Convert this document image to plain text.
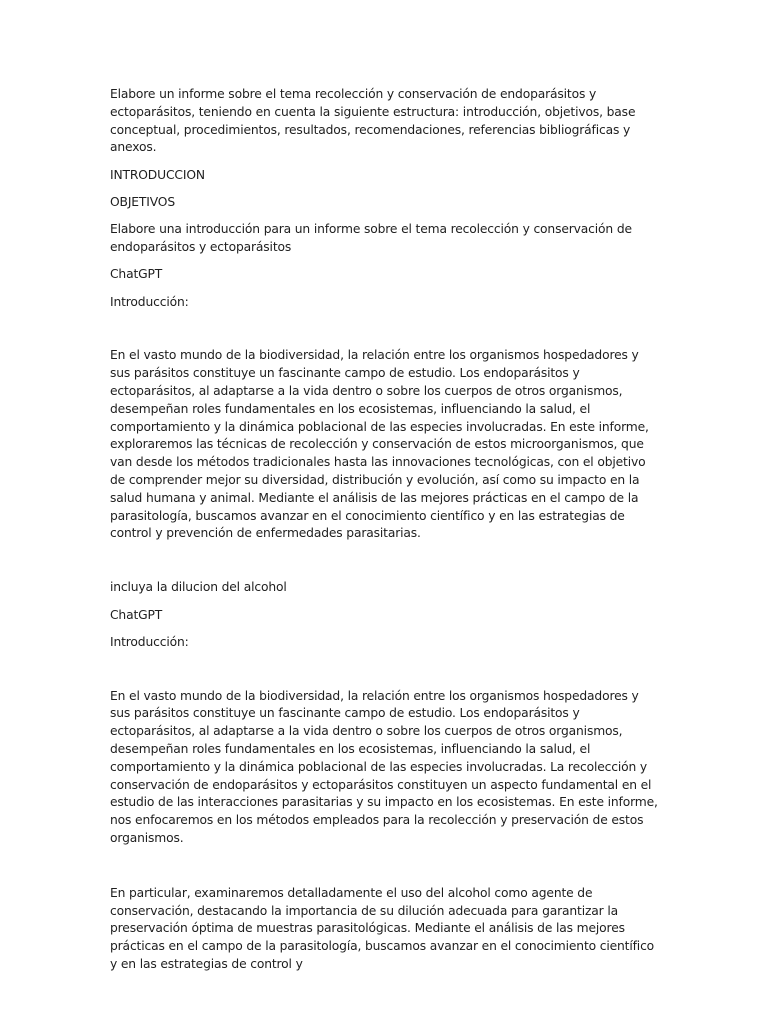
Elabore un informe sobre el tema recolección y conservación de endoparásitos y ectoparásitos, teniendo en cuenta la siguiente estructura: introducción, objetivos, base conceptual, procedimientos, resultados, recomendaciones, referencias bibliográficas y anexos.

INTRODUCCION

OBJETIVOS

Elabore una introducción para un informe sobre el tema recolección y conservación de endoparásitos y ectoparásitos

ChatGPT

Introducción:

En el vasto mundo de la biodiversidad, la relación entre los organismos hospedadores y sus parásitos constituye un fascinante campo de estudio. Los endoparásitos y ectoparásitos, al adaptarse a la vida dentro o sobre los cuerpos de otros organismos, desempeñan roles fundamentales en los ecosistemas, influenciando la salud, el comportamiento y la dinámica poblacional de las especies involucradas. En este informe, exploraremos las técnicas de recolección y conservación de estos microorganismos, que van desde los métodos tradicionales hasta las innovaciones tecnológicas, con el objetivo de comprender mejor su diversidad, distribución y evolución, así como su impacto en la salud humana y animal. Mediante el análisis de las mejores prácticas en el campo de la parasitología, buscamos avanzar en el conocimiento científico y en las estrategias de control y prevención de enfermedades parasitarias.

incluya la dilucion del alcohol

ChatGPT

Introducción:

En el vasto mundo de la biodiversidad, la relación entre los organismos hospedadores y sus parásitos constituye un fascinante campo de estudio. Los endoparásitos y ectoparásitos, al adaptarse a la vida dentro o sobre los cuerpos de otros organismos, desempeñan roles fundamentales en los ecosistemas, influenciando la salud, el comportamiento y la dinámica poblacional de las especies involucradas. La recolección y conservación de endoparásitos y ectoparásitos constituyen un aspecto fundamental en el estudio de las interacciones parasitarias y su impacto en los ecosistemas. En este informe, nos enfocaremos en los métodos empleados para la recolección y preservación de estos organismos.

En particular, examinaremos detalladamente el uso del alcohol como agente de conservación, destacando la importancia de su dilución adecuada para garantizar la preservación óptima de muestras parasitológicas. Mediante el análisis de las mejores prácticas en el campo de la parasitología, buscamos avanzar en el conocimiento científico y en las estrategias de control y
